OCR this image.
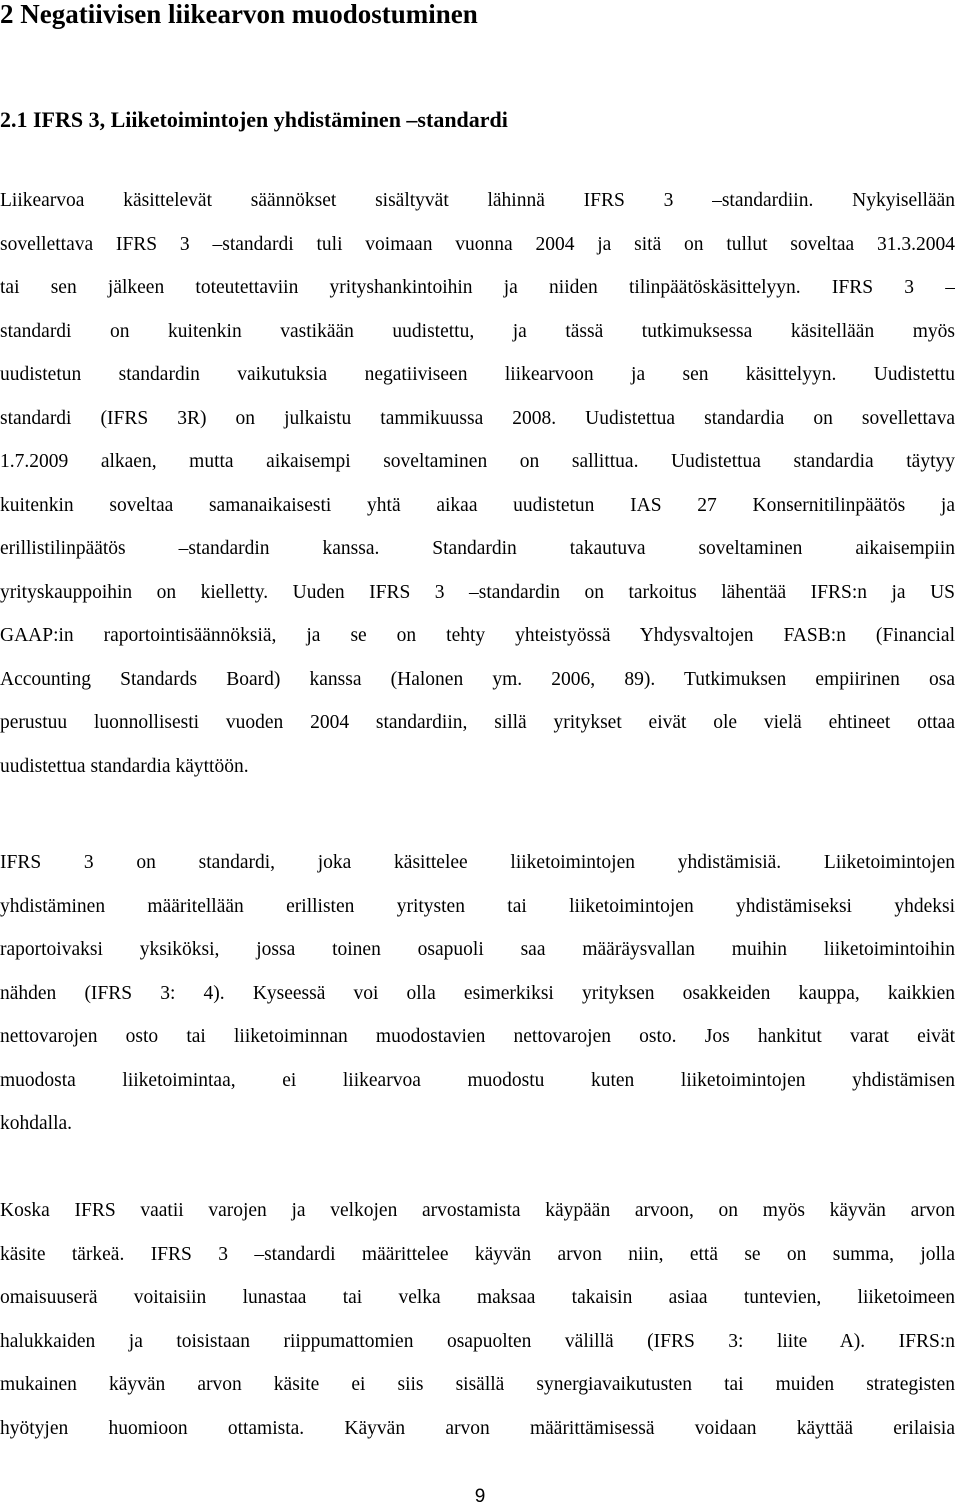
2 Negatiivisen liikearvon muodostuminen
2.1 IFRS 3, Liiketoimintojen yhdistäminen –standardi
Liikearvoa käsittelevät säännökset sisältyvät lähinnä IFRS 3 –standardiin. Nykyisellään
sovellettava IFRS 3 –standardi tuli voimaan vuonna 2004 ja sitä on tullut soveltaa 31.3.2004
tai sen jälkeen toteutettaviin yrityshankintoihin ja niiden tilinpäätöskäsittelyyn. IFRS 3 –
standardi on kuitenkin vastikään uudistettu, ja tässä tutkimuksessa käsitellään myös
uudistetun standardin vaikutuksia negatiiviseen liikearvoon ja sen käsittelyyn. Uudistettu
standardi (IFRS 3R) on julkaistu tammikuussa 2008. Uudistettua standardia on sovellettava
1.7.2009 alkaen, mutta aikaisempi soveltaminen on sallittua. Uudistettua standardia täytyy
kuitenkin soveltaa samanaikaisesti yhtä aikaa uudistetun IAS 27 Konsernitilinpäätös ja
erillistilinpäätös –standardin kanssa. Standardin takautuva soveltaminen aikaisempiin
yrityskauppoihin on kielletty. Uuden IFRS 3 –standardin on tarkoitus lähentää IFRS:n ja US
GAAP:in raportointisäännöksiä, ja se on tehty yhteistyössä Yhdysvaltojen FASB:n (Financial
Accounting Standards Board) kanssa (Halonen ym. 2006, 89). Tutkimuksen empiirinen osa
perustuu luonnollisesti vuoden 2004 standardiin, sillä yritykset eivät ole vielä ehtineet ottaa
uudistettua standardia käyttöön.
IFRS 3 on standardi, joka käsittelee liiketoimintojen yhdistämisiä. Liiketoimintojen
yhdistäminen määritellään erillisten yritysten tai liiketoimintojen yhdistämiseksi yhdeksi
raportoivaksi yksiköksi, jossa toinen osapuoli saa määräysvallan muihin liiketoimintoihin
nähden (IFRS 3: 4). Kyseessä voi olla esimerkiksi yrityksen osakkeiden kauppa, kaikkien
nettovarojen osto tai liiketoiminnan muodostavien nettovarojen osto. Jos hankitut varat eivät
muodosta liiketoimintaa, ei liikearvoa muodostu kuten liiketoimintojen yhdistämisen
kohdalla.
Koska IFRS vaatii varojen ja velkojen arvostamista käypään arvoon, on myös käyvän arvon
käsite tärkeä. IFRS 3 –standardi määrittelee käyvän arvon niin, että se on summa, jolla
omaisuuserä voitaisiin lunastaa tai velka maksaa takaisin asiaa tuntevien, liiketoimeen
halukkaiden ja toisistaan riippumattomien osapuolten välillä (IFRS 3: liite A). IFRS:n
mukainen käyvän arvon käsite ei siis sisällä synergiavaikutusten tai muiden strategisten
hyötyjen huomioon ottamista. Käyvän arvon määrittämisessä voidaan käyttää erilaisia
9
